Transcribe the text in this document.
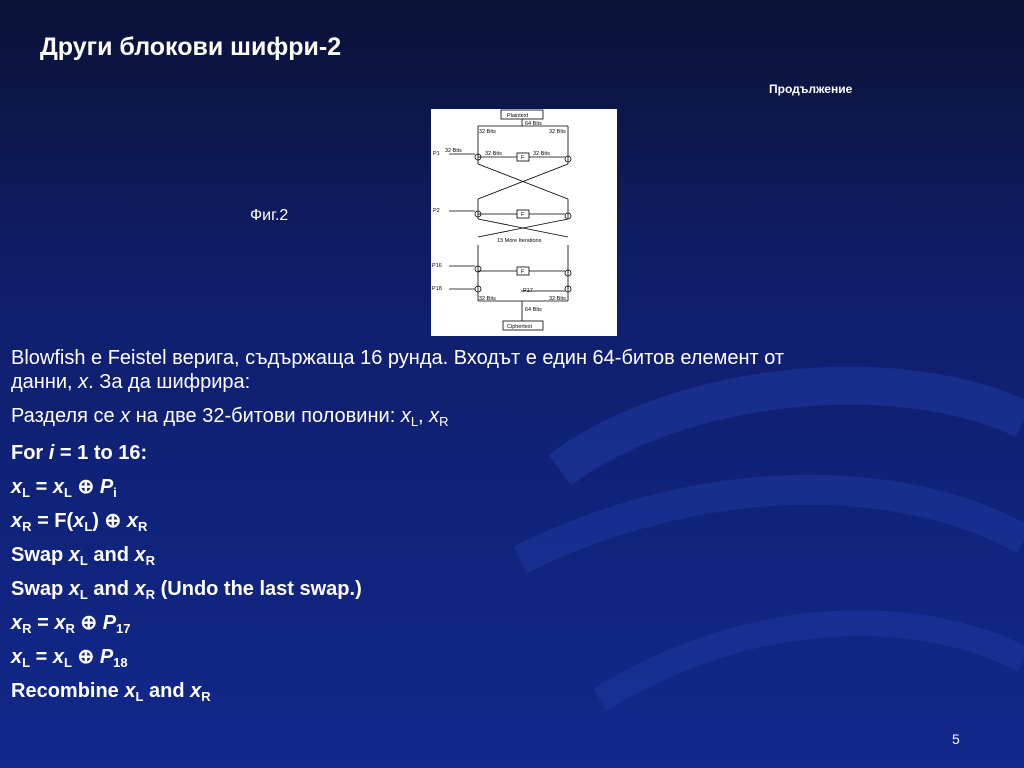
Други блокови шифри-2
Продължение
Фиг.2
Plaintext
64 Bits
32 Bits	32 Bits
P1 32 Bits	32 Bits
F
32 Bits
P2
F
13 More Iterations
P16
F
P18	P17
32 Bits	32 Bits
64 Bits
Ciphertext

Blowfish е Feistel верига, съдържаща 16 рунда. Входът е един 64-битов елемент от

данни, x. За да шифрира:

Разделя се x на две 32-битови половини: $x_L$, $x_R$

For i = 1 to 16:
$x_L = x_L$ ⊕ $P_i$
$x_R = F(x_L)$ ⊕ $x_R$
Swap $x_L$ and $x_R$
Swap $x_L$ and $x_R$ (Undo the last swap.)
$x_R = x_R$ ⊕ $P_{17}$
$x_L = x_L$ ⊕ $P_{18}$
Recombine $x_L$ and $x_R$
5
